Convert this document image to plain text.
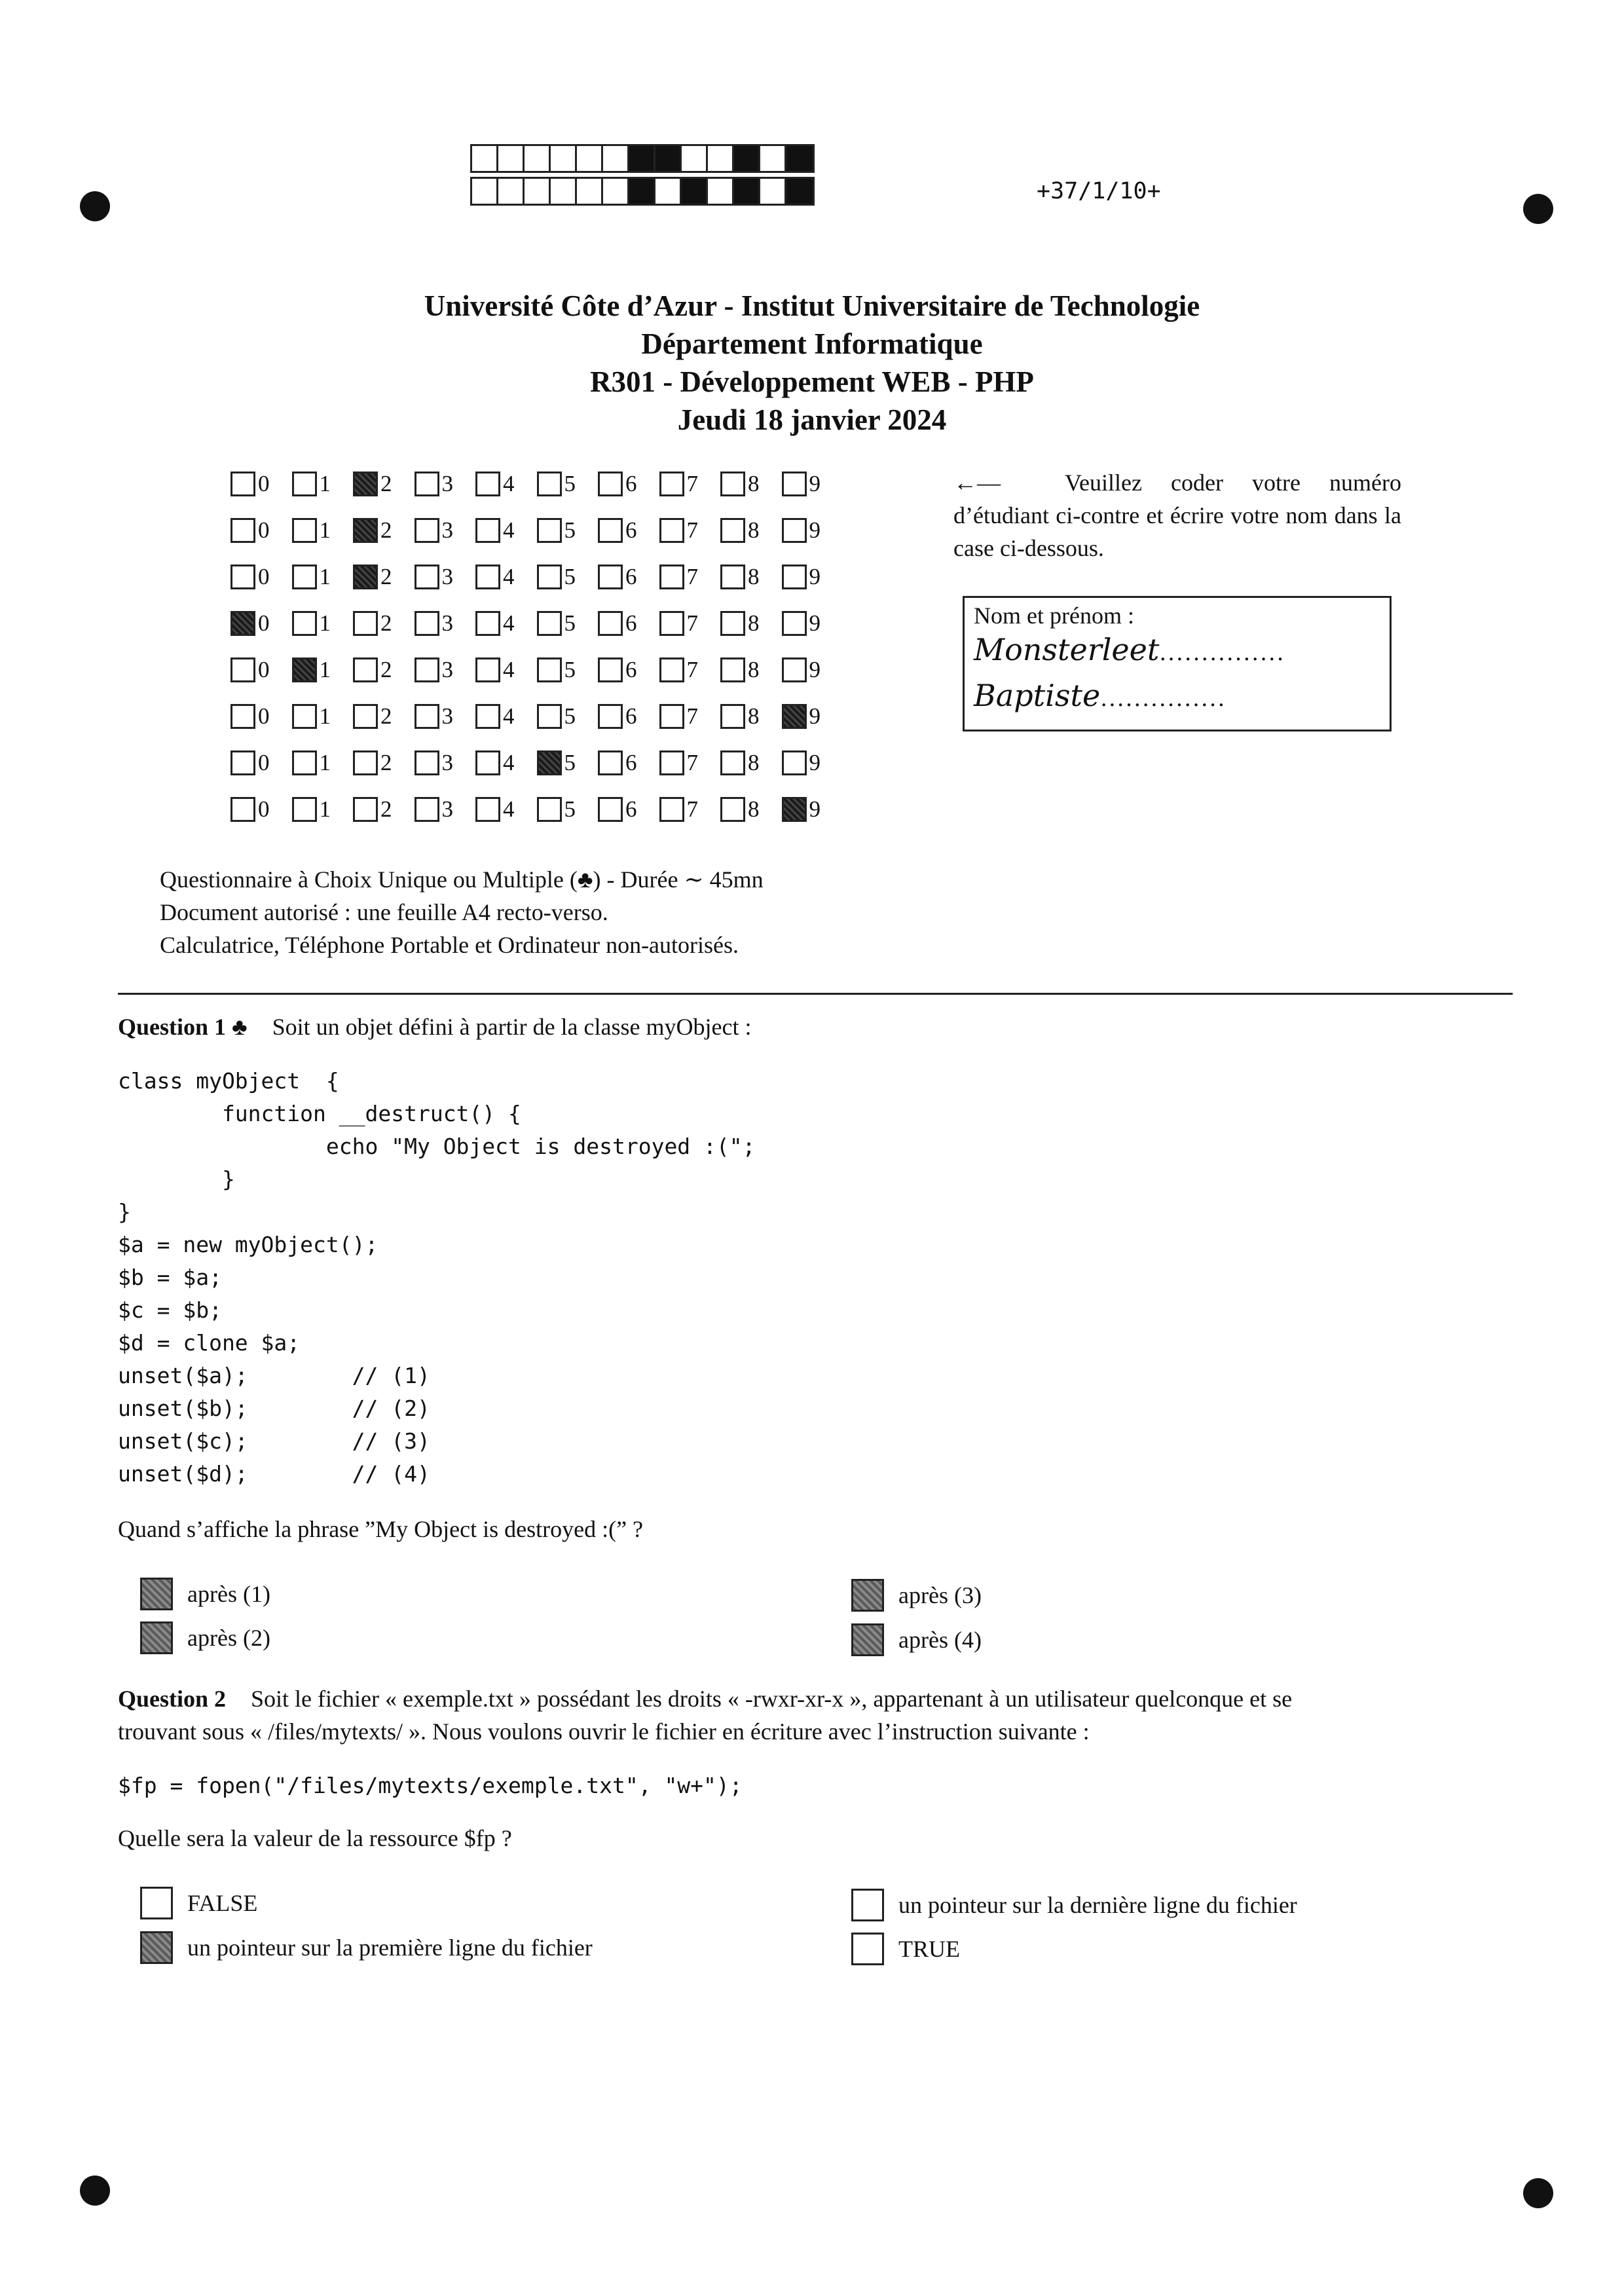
+37/1/10+
Université Côte d’Azur - Institut Universitaire de Technologie
Département Informatique
R301 - Développement WEB - PHP
Jeudi 18 janvier 2024
0 1 2 3 4 5 6 7 8 9
0 1 2 3 4 5 6 7 8 9
0 1 2 3 4 5 6 7 8 9
0 1 2 3 4 5 6 7 8 9
0 1 2 3 4 5 6 7 8 9
0 1 2 3 4 5 6 7 8 9
0 1 2 3 4 5 6 7 8 9
0 1 2 3 4 5 6 7 8 9
←—	Veuillez coder votre numéro d’étudiant ci-contre et écrire votre nom dans la case ci-dessous.
Nom et prénom :
Monsterleet...............
Baptiste...............
Questionnaire à Choix Unique ou Multiple (♣) - Durée ∼ 45mn
Document autorisé : une feuille A4 recto-verso.
Calculatrice, Téléphone Portable et Ordinateur non-autorisés.
Question 1 ♣ Soit un objet défini à partir de la classe myObject :
class myObject  {
function __destruct() {
echo "My Object is destroyed :(";
}
}
$a = new myObject();
$b = $a;
$c = $b;
$d = clone $a;
unset($a);        // (1)
unset($b);        // (2)
unset($c);        // (3)
unset($d);        // (4)
Quand s’affiche la phrase ”My Object is destroyed :(” ?
après (1)
après (2)
après (3)
après (4)
Question 2 Soit le fichier « exemple.txt » possédant les droits « -rwxr-xr-x », appartenant à un utilisateur quelconque et se
trouvant sous « /files/mytexts/ ». Nous voulons ouvrir le fichier en écriture avec l’instruction suivante :
$fp = fopen("/files/mytexts/exemple.txt", "w+");
Quelle sera la valeur de la ressource $fp ?
FALSE
un pointeur sur la première ligne du fichier
un pointeur sur la dernière ligne du fichier
TRUE
